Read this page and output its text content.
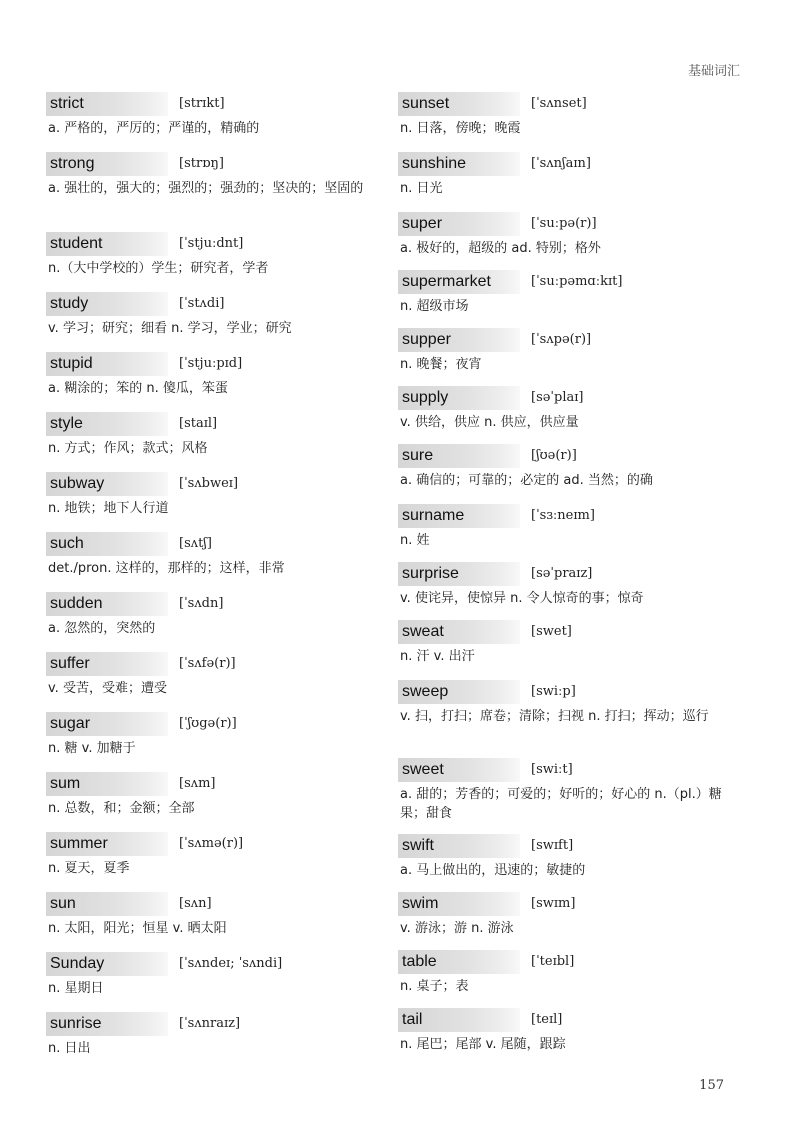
基础词汇
strict	[strɪkt]
a. 严格的，严厉的；严谨的，精确的
strong	[strɒŋ]
a. 强壮的，强大的；强烈的；强劲的；坚决的；坚固的
student	[ˈstjuːdnt]
n.（大中学校的）学生；研究者，学者
study	[ˈstʌdi]
v. 学习；研究；细看 n. 学习，学业；研究
stupid	[ˈstjuːpɪd]
a. 糊涂的；笨的 n. 傻瓜，笨蛋
style	[staɪl]
n. 方式；作风；款式；风格
subway	[ˈsʌbweɪ]
n. 地铁；地下人行道
such	[sʌtʃ]
det./pron. 这样的，那样的；这样，非常
sudden	[ˈsʌdn]
a. 忽然的，突然的
suffer	[ˈsʌfə(r)]
v. 受苦，受难；遭受
sugar	[ˈʃʊgə(r)]
n. 糖 v. 加糖于
sum	[sʌm]
n. 总数，和；金额；全部
summer	[ˈsʌmə(r)]
n. 夏天，夏季
sun	[sʌn]
n. 太阳，阳光；恒星 v. 晒太阳
Sunday	[ˈsʌndeɪ; ˈsʌndi]
n. 星期日
sunrise	[ˈsʌnraɪz]
n. 日出
sunset	[ˈsʌnset]
n. 日落，傍晚；晚霞
sunshine	[ˈsʌnʃaɪn]
n. 日光
super	[ˈsuːpə(r)]
a. 极好的，超级的 ad. 特别；格外
supermarket	[ˈsuːpəmɑːkɪt]
n. 超级市场
supper	[ˈsʌpə(r)]
n. 晚餐；夜宵
supply	[səˈplaɪ]
v. 供给，供应 n. 供应，供应量
sure	[ʃʊə(r)]
a. 确信的；可靠的；必定的 ad. 当然；的确
surname	[ˈsɜːneɪm]
n. 姓
surprise	[səˈpraɪz]
v. 使诧异，使惊异 n. 令人惊奇的事；惊奇
sweat	[swet]
n. 汗 v. 出汗
sweep	[swiːp]
v. 扫，打扫；席卷；清除；扫视 n. 打扫；挥动；巡行
sweet	[swiːt]
a. 甜的；芳香的；可爱的；好听的；好心的 n.（pl.）糖果；甜食
swift	[swɪft]
a. 马上做出的，迅速的；敏捷的
swim	[swɪm]
v. 游泳；游 n. 游泳
table	[ˈteɪbl]
n. 桌子；表
tail	[teɪl]
n. 尾巴；尾部 v. 尾随，跟踪
157
